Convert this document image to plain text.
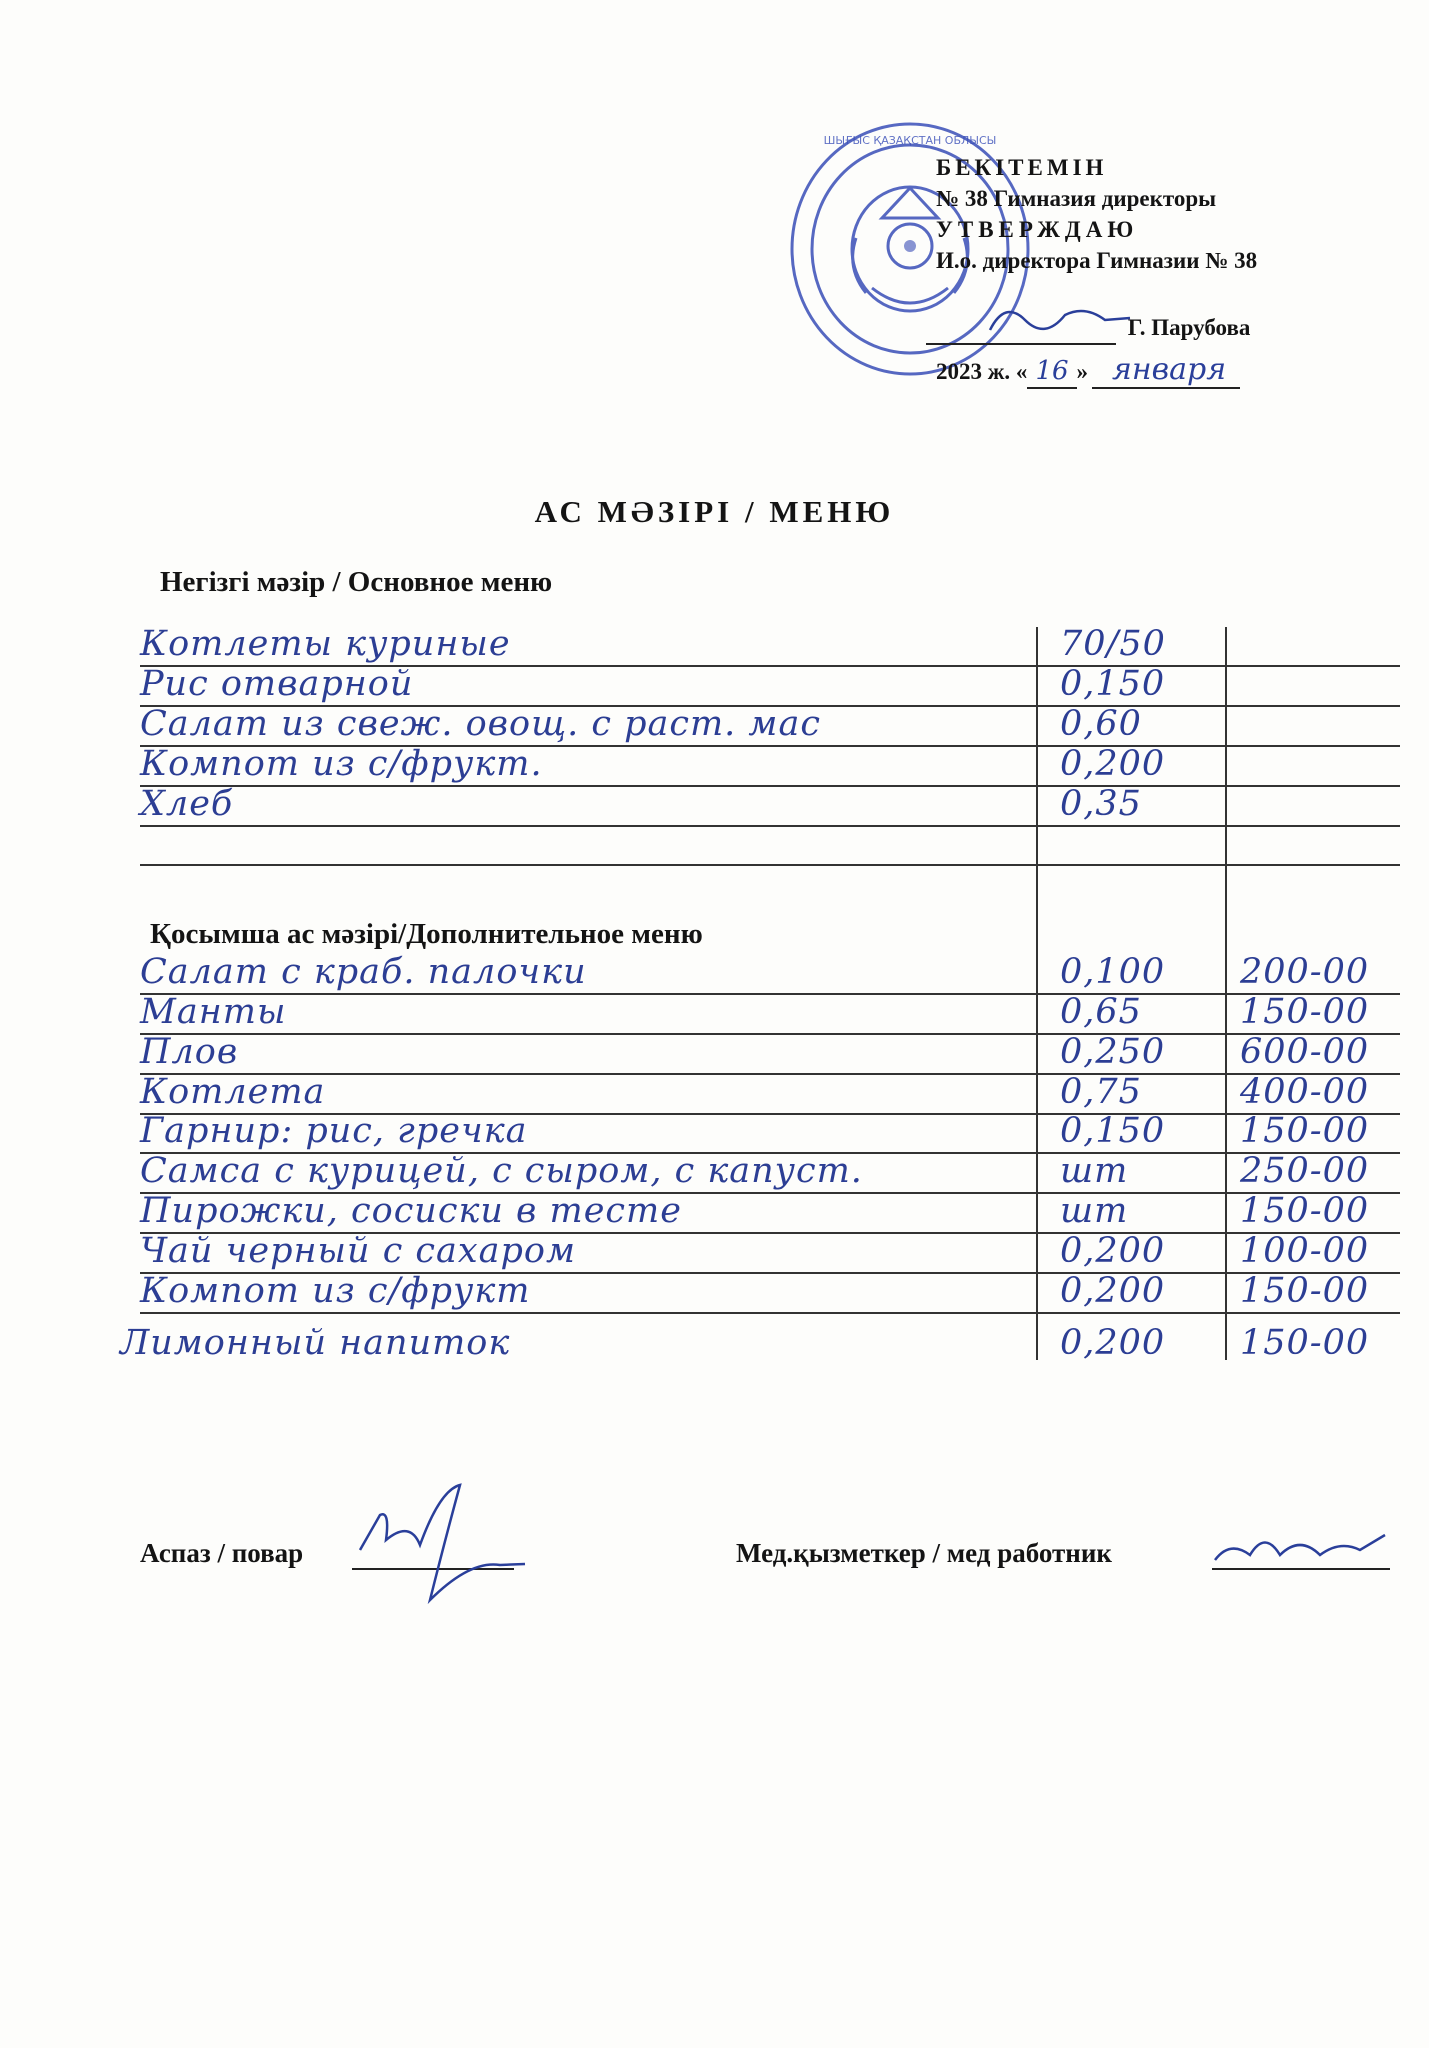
ШЫҒЫС ҚАЗАҚСТАН ОБЛЫСЫ
БЕКІТЕМІН
№ 38 Гимназия директоры
УТВЕРЖДАЮ
И.о. директора Гимназии № 38
Г. Парубова
2023 ж. « 16 » января
АС МӘЗІРІ / МЕНЮ
Негізгі мәзір / Основное меню
Котлеты куриные	70/50
Рис отварной	0,150
Салат из свеж. овощ. с раст. мас	0,60
Компот из с/фрукт.	0,200
Хлеб	0,35
Қосымша ас мәзірі/Дополнительное меню
Салат с краб. палочки	0,100 200-00
Манты	0,65	150-00
Плов	0,250 600-00
Котлета	0,75	400-00
Гарнир: рис, гречка	0,150 150-00
Самса с курицей, с сыром, с капуст.	шт	250-00
Пирожки, сосиски в тесте	шт	150-00
Чай черный с сахаром	0,200 100-00
Компот из с/фрукт	0,200 150-00
Лимонный напиток	0,200 150-00
Аспаз / повар	Мед.қызметкер / мед работник
